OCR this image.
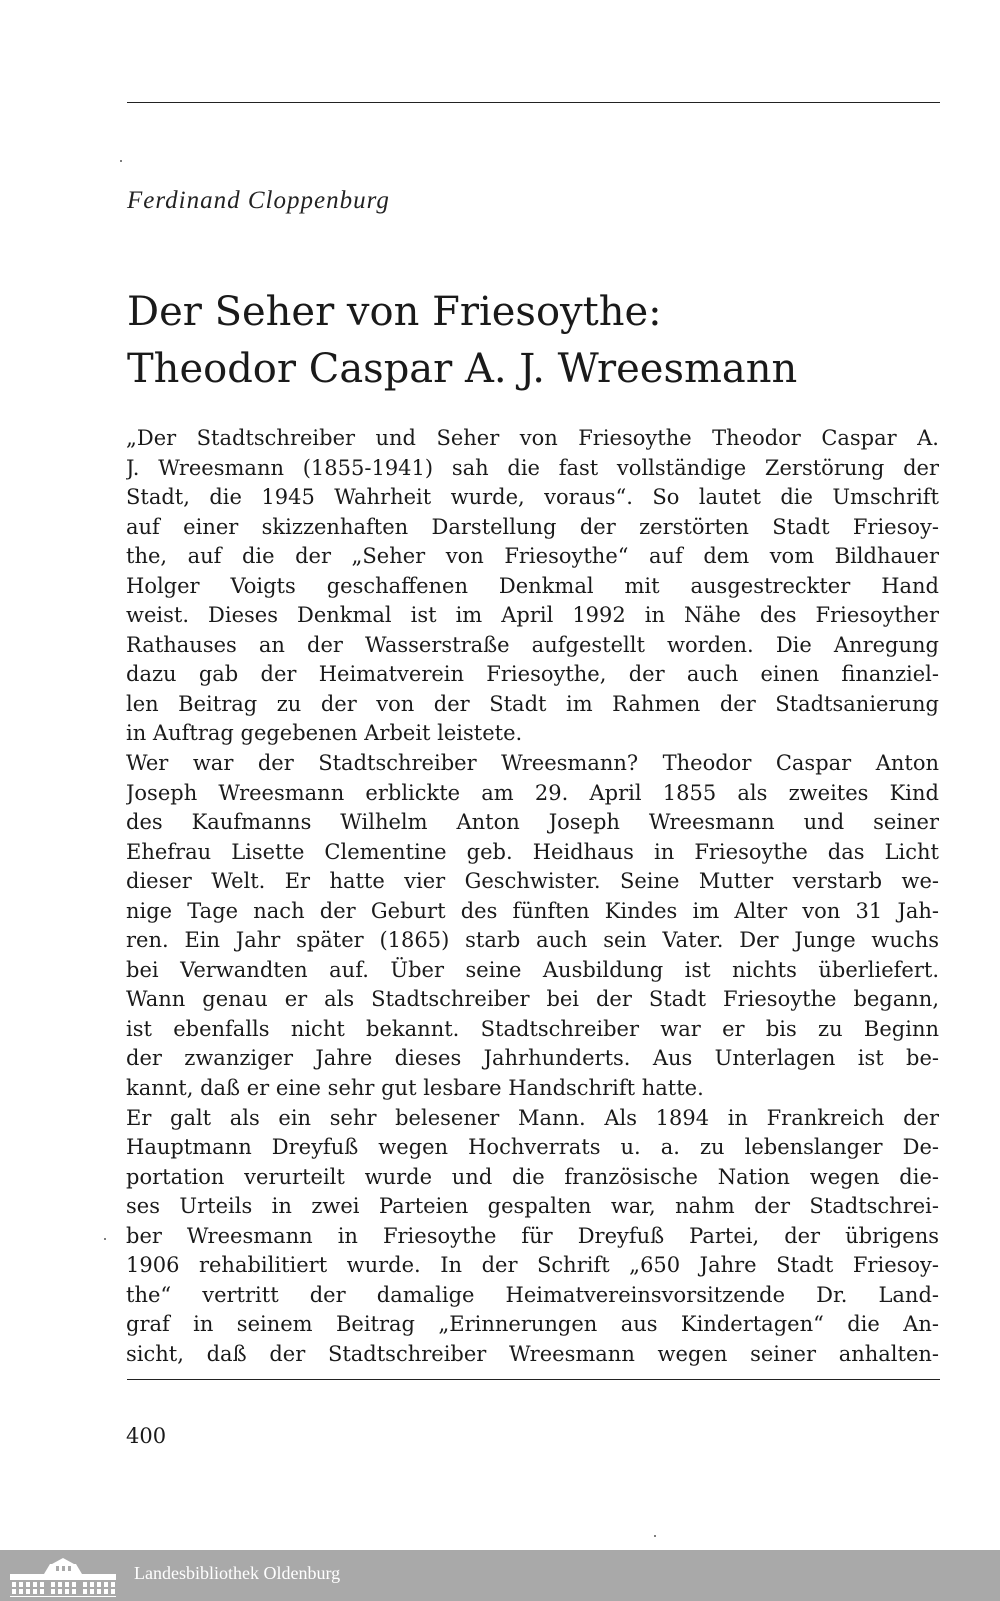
Ferdinand Cloppenburg
Der Seher von Friesoythe:
Theodor Caspar A. J. Wreesmann
„Der Stadtschreiber und Seher von Friesoythe Theodor Caspar A.
J. Wreesmann (1855-1941) sah die fast vollständige Zerstörung der
Stadt, die 1945 Wahrheit wurde, voraus“. So lautet die Umschrift
auf einer skizzenhaften Darstellung der zerstörten Stadt Friesoy-
the, auf die der „Seher von Friesoythe“ auf dem vom Bildhauer
Holger Voigts geschaffenen Denkmal mit ausgestreckter Hand
weist. Dieses Denkmal ist im April 1992 in Nähe des Friesoyther
Rathauses an der Wasserstraße aufgestellt worden. Die Anregung
dazu gab der Heimatverein Friesoythe, der auch einen finanziel-
len Beitrag zu der von der Stadt im Rahmen der Stadtsanierung
in Auftrag gegebenen Arbeit leistete.
Wer war der Stadtschreiber Wreesmann? Theodor Caspar Anton
Joseph Wreesmann erblickte am 29. April 1855 als zweites Kind
des Kaufmanns Wilhelm Anton Joseph Wreesmann und seiner
Ehefrau Lisette Clementine geb. Heidhaus in Friesoythe das Licht
dieser Welt. Er hatte vier Geschwister. Seine Mutter verstarb we-
nige Tage nach der Geburt des fünften Kindes im Alter von 31 Jah-
ren. Ein Jahr später (1865) starb auch sein Vater. Der Junge wuchs
bei Verwandten auf. Über seine Ausbildung ist nichts überliefert.
Wann genau er als Stadtschreiber bei der Stadt Friesoythe begann,
ist ebenfalls nicht bekannt. Stadtschreiber war er bis zu Beginn
der zwanziger Jahre dieses Jahrhunderts. Aus Unterlagen ist be-
kannt, daß er eine sehr gut lesbare Handschrift hatte.
Er galt als ein sehr belesener Mann. Als 1894 in Frankreich der
Hauptmann Dreyfuß wegen Hochverrats u. a. zu lebenslanger De-
portation verurteilt wurde und die französische Nation wegen die-
ses Urteils in zwei Parteien gespalten war, nahm der Stadtschrei-
ber Wreesmann in Friesoythe für Dreyfuß Partei, der übrigens
1906 rehabilitiert wurde. In der Schrift „650 Jahre Stadt Friesoy-
the“ vertritt der damalige Heimatvereinsvorsitzende Dr. Land-
graf in seinem Beitrag „Erinnerungen aus Kindertagen“ die An-
sicht, daß der Stadtschreiber Wreesmann wegen seiner anhalten-
400
Landesbibliothek Oldenburg
